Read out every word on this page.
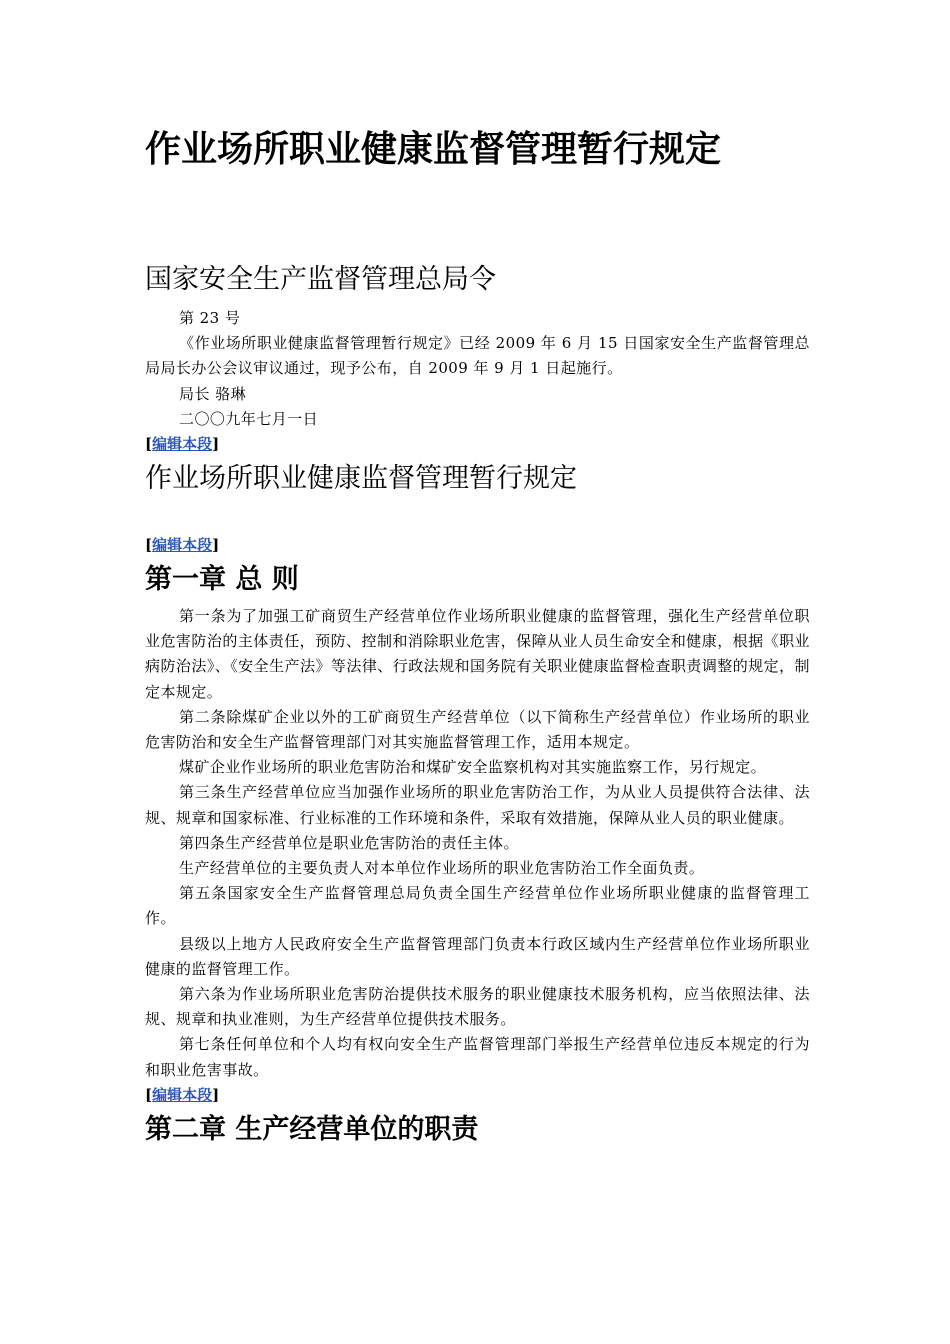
作业场所职业健康监督管理暂行规定
国家安全生产监督管理总局令

第 23 号

《作业场所职业健康监督管理暂行规定》已经 2009 年 6 月 15 日国家安全生产监督管理总局局长办公会议审议通过，现予公布，自 2009 年 9 月 1 日起施行。

局长 骆琳

二〇〇九年七月一日

[编辑本段]
作业场所职业健康监督管理暂行规定
[编辑本段]
第一章 总 则

第一条为了加强工矿商贸生产经营单位作业场所职业健康的监督管理，强化生产经营单位职业危害防治的主体责任，预防、控制和消除职业危害，保障从业人员生命安全和健康，根据《职业病防治法》、《安全生产法》等法律、行政法规和国务院有关职业健康监督检查职责调整的规定，制定本规定。

第二条除煤矿企业以外的工矿商贸生产经营单位（以下简称生产经营单位）作业场所的职业危害防治和安全生产监督管理部门对其实施监督管理工作，适用本规定。

煤矿企业作业场所的职业危害防治和煤矿安全监察机构对其实施监察工作，另行规定。

第三条生产经营单位应当加强作业场所的职业危害防治工作，为从业人员提供符合法律、法规、规章和国家标准、行业标准的工作环境和条件，采取有效措施，保障从业人员的职业健康。

第四条生产经营单位是职业危害防治的责任主体。

生产经营单位的主要负责人对本单位作业场所的职业危害防治工作全面负责。

第五条国家安全生产监督管理总局负责全国生产经营单位作业场所职业健康的监督管理工作。

县级以上地方人民政府安全生产监督管理部门负责本行政区域内生产经营单位作业场所职业健康的监督管理工作。

第六条为作业场所职业危害防治提供技术服务的职业健康技术服务机构，应当依照法律、法规、规章和执业准则，为生产经营单位提供技术服务。

第七条任何单位和个人均有权向安全生产监督管理部门举报生产经营单位违反本规定的行为和职业危害事故。

[编辑本段]
第二章 生产经营单位的职责
